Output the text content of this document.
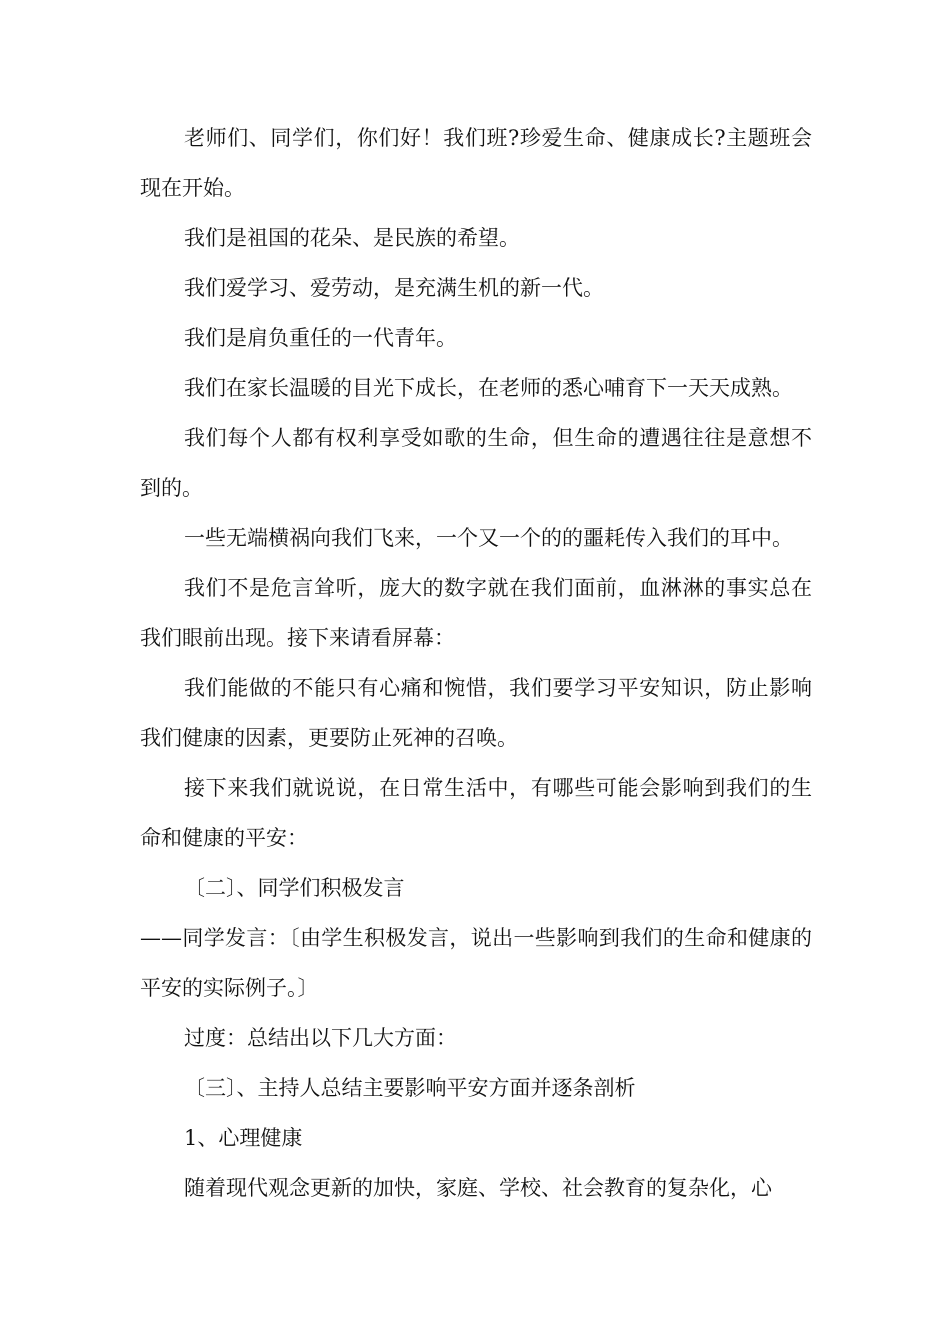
老师们、同学们，你们好！我们班?珍爱生命、健康成长?主题班会现在开始。

我们是祖国的花朵、是民族的希望。

我们爱学习、爱劳动，是充满生机的新一代。

我们是肩负重任的一代青年。

我们在家长温暖的目光下成长，在老师的悉心哺育下一天天成熟。

我们每个人都有权利享受如歌的生命，但生命的遭遇往往是意想不到的。

一些无端横祸向我们飞来，一个又一个的的噩耗传入我们的耳中。

我们不是危言耸听，庞大的数字就在我们面前，血淋淋的事实总在我们眼前出现。接下来请看屏幕：

我们能做的不能只有心痛和惋惜，我们要学习平安知识，防止影响我们健康的因素，更要防止死神的召唤。

接下来我们就说说，在日常生活中，有哪些可能会影响到我们的生命和健康的平安：

〔二〕、同学们积极发言

——同学发言：〔由学生积极发言，说出一些影响到我们的生命和健康的平安的实际例子。〕

过度：总结出以下几大方面：

〔三〕、主持人总结主要影响平安方面并逐条剖析

1、心理健康

随着现代观念更新的加快，家庭、学校、社会教育的复杂化，心
